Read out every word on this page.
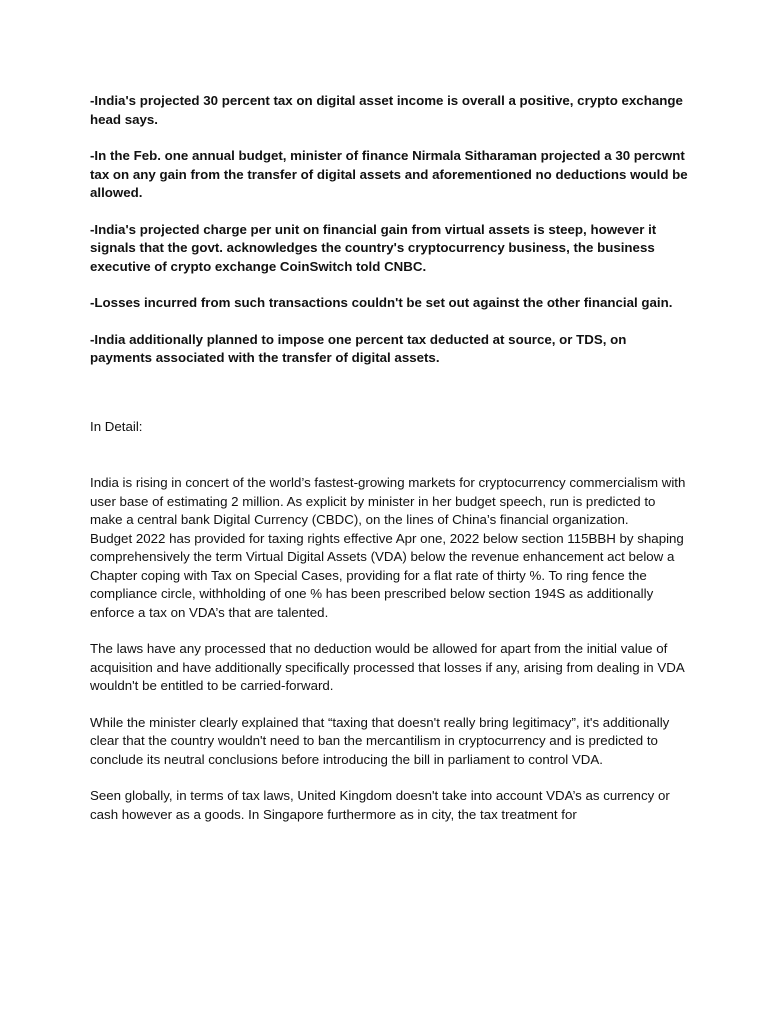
-India's projected 30 percent tax on digital asset income is overall a positive, crypto exchange head says.

-In the Feb. one annual budget, minister of finance Nirmala Sitharaman projected a 30 percwnt tax on any gain from the transfer of digital assets and aforementioned no deductions would be allowed.

-India's projected charge per unit on financial gain from virtual assets is steep, however it signals that the govt. acknowledges the country's cryptocurrency business, the business executive of crypto exchange CoinSwitch told CNBC.

-Losses incurred from such transactions couldn't be set out against the other financial gain.

-India additionally planned to impose one percent tax deducted at source, or TDS, on payments associated with the transfer of digital assets.

In Detail:

India is rising in concert of the world’s fastest-growing markets for cryptocurrency commercialism with user base of estimating 2 million. As explicit by minister in her budget speech, run is predicted to make a central bank Digital Currency (CBDC), on the lines of China’s financial organization.

Budget 2022 has provided for taxing rights effective Apr one, 2022 below section 115BBH by shaping comprehensively the term Virtual Digital Assets (VDA) below the revenue enhancement act below a Chapter coping with Tax on Special Cases, providing for a flat rate of thirty %. To ring fence the compliance circle, withholding of one % has been prescribed below section 194S as additionally enforce a tax on VDA’s that are talented.

The laws have any processed that no deduction would be allowed for apart from the initial value of acquisition and have additionally specifically processed that losses if any, arising from dealing in VDA wouldn't be entitled to be carried-forward.

While the minister clearly explained that “taxing that doesn't really bring legitimacy”, it's additionally clear that the country wouldn't need to ban the mercantilism in cryptocurrency and is predicted to conclude its neutral conclusions before introducing the bill in parliament to control VDA.

Seen globally, in terms of tax laws, United Kingdom doesn't take into account VDA’s as currency or cash however as a goods. In Singapore furthermore as in city, the tax treatment for
